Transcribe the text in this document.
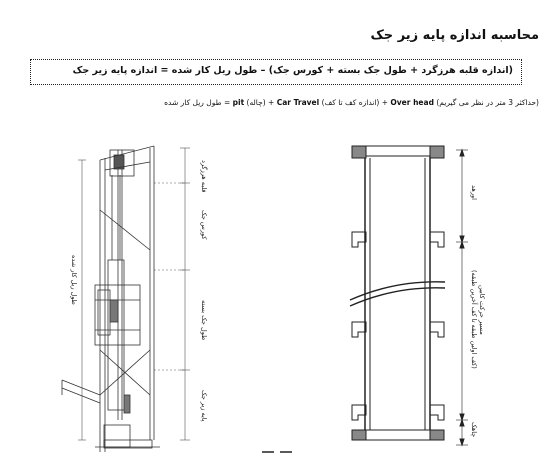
محاسبه اندازه پایه زیر جک
(اندازه قلبه هرزگرد + طول جک بسته + کورس جک) – طول ریل کار شده = اندازه پایه زیر جک
(حداکثر 3 متر در نظر می گیریم) Over head + (اندازه کف تا کف) Car Travel + (چاله) pit = طول ریل کار شده
قلبه هرزگرد
کورس جک
طول جک بسته
پایه زیر جک
طول ریل کار شده
اورهد
مسیر حرکت کابین
(کف اولین طبقه تا کف آخرین طبقه)
چاهک
